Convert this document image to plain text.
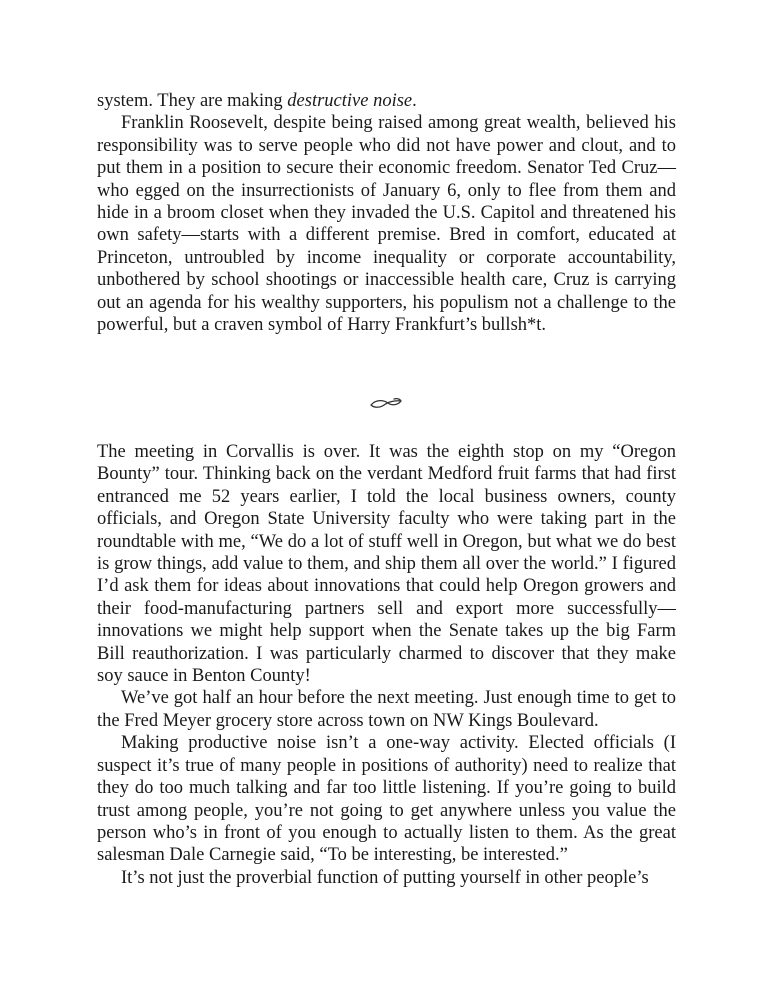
system. They are making destructive noise.

Franklin Roosevelt, despite being raised among great wealth, believed his responsibility was to serve people who did not have power and clout, and to put them in a position to secure their economic freedom. Senator Ted Cruz—who egged on the insurrectionists of January 6, only to flee from them and hide in a broom closet when they invaded the U.S. Capitol and threatened his own safety—starts with a different premise. Bred in comfort, educated at Princeton, untroubled by income inequality or corporate accountability, unbothered by school shootings or inaccessible health care, Cruz is carrying out an agenda for his wealthy supporters, his populism not a challenge to the powerful, but a craven symbol of Harry Frankfurt’s bullsh*t.

The meeting in Corvallis is over. It was the eighth stop on my “Oregon Bounty” tour. Thinking back on the verdant Medford fruit farms that had first entranced me 52 years earlier, I told the local business owners, county officials, and Oregon State University faculty who were taking part in the roundtable with me, “We do a lot of stuff well in Oregon, but what we do best is grow things, add value to them, and ship them all over the world.” I figured I’d ask them for ideas about innovations that could help Oregon growers and their food-manufacturing partners sell and export more successfully—innovations we might help support when the Senate takes up the big Farm Bill reauthorization. I was particularly charmed to discover that they make soy sauce in Benton County!

We’ve got half an hour before the next meeting. Just enough time to get to the Fred Meyer grocery store across town on NW Kings Boulevard.

Making productive noise isn’t a one-way activity. Elected officials (I suspect it’s true of many people in positions of authority) need to realize that they do too much talking and far too little listening. If you’re going to build trust among people, you’re not going to get anywhere unless you value the person who’s in front of you enough to actually listen to them. As the great salesman Dale Carnegie said, “To be interesting, be interested.”

It’s not just the proverbial function of putting yourself in other people’s
